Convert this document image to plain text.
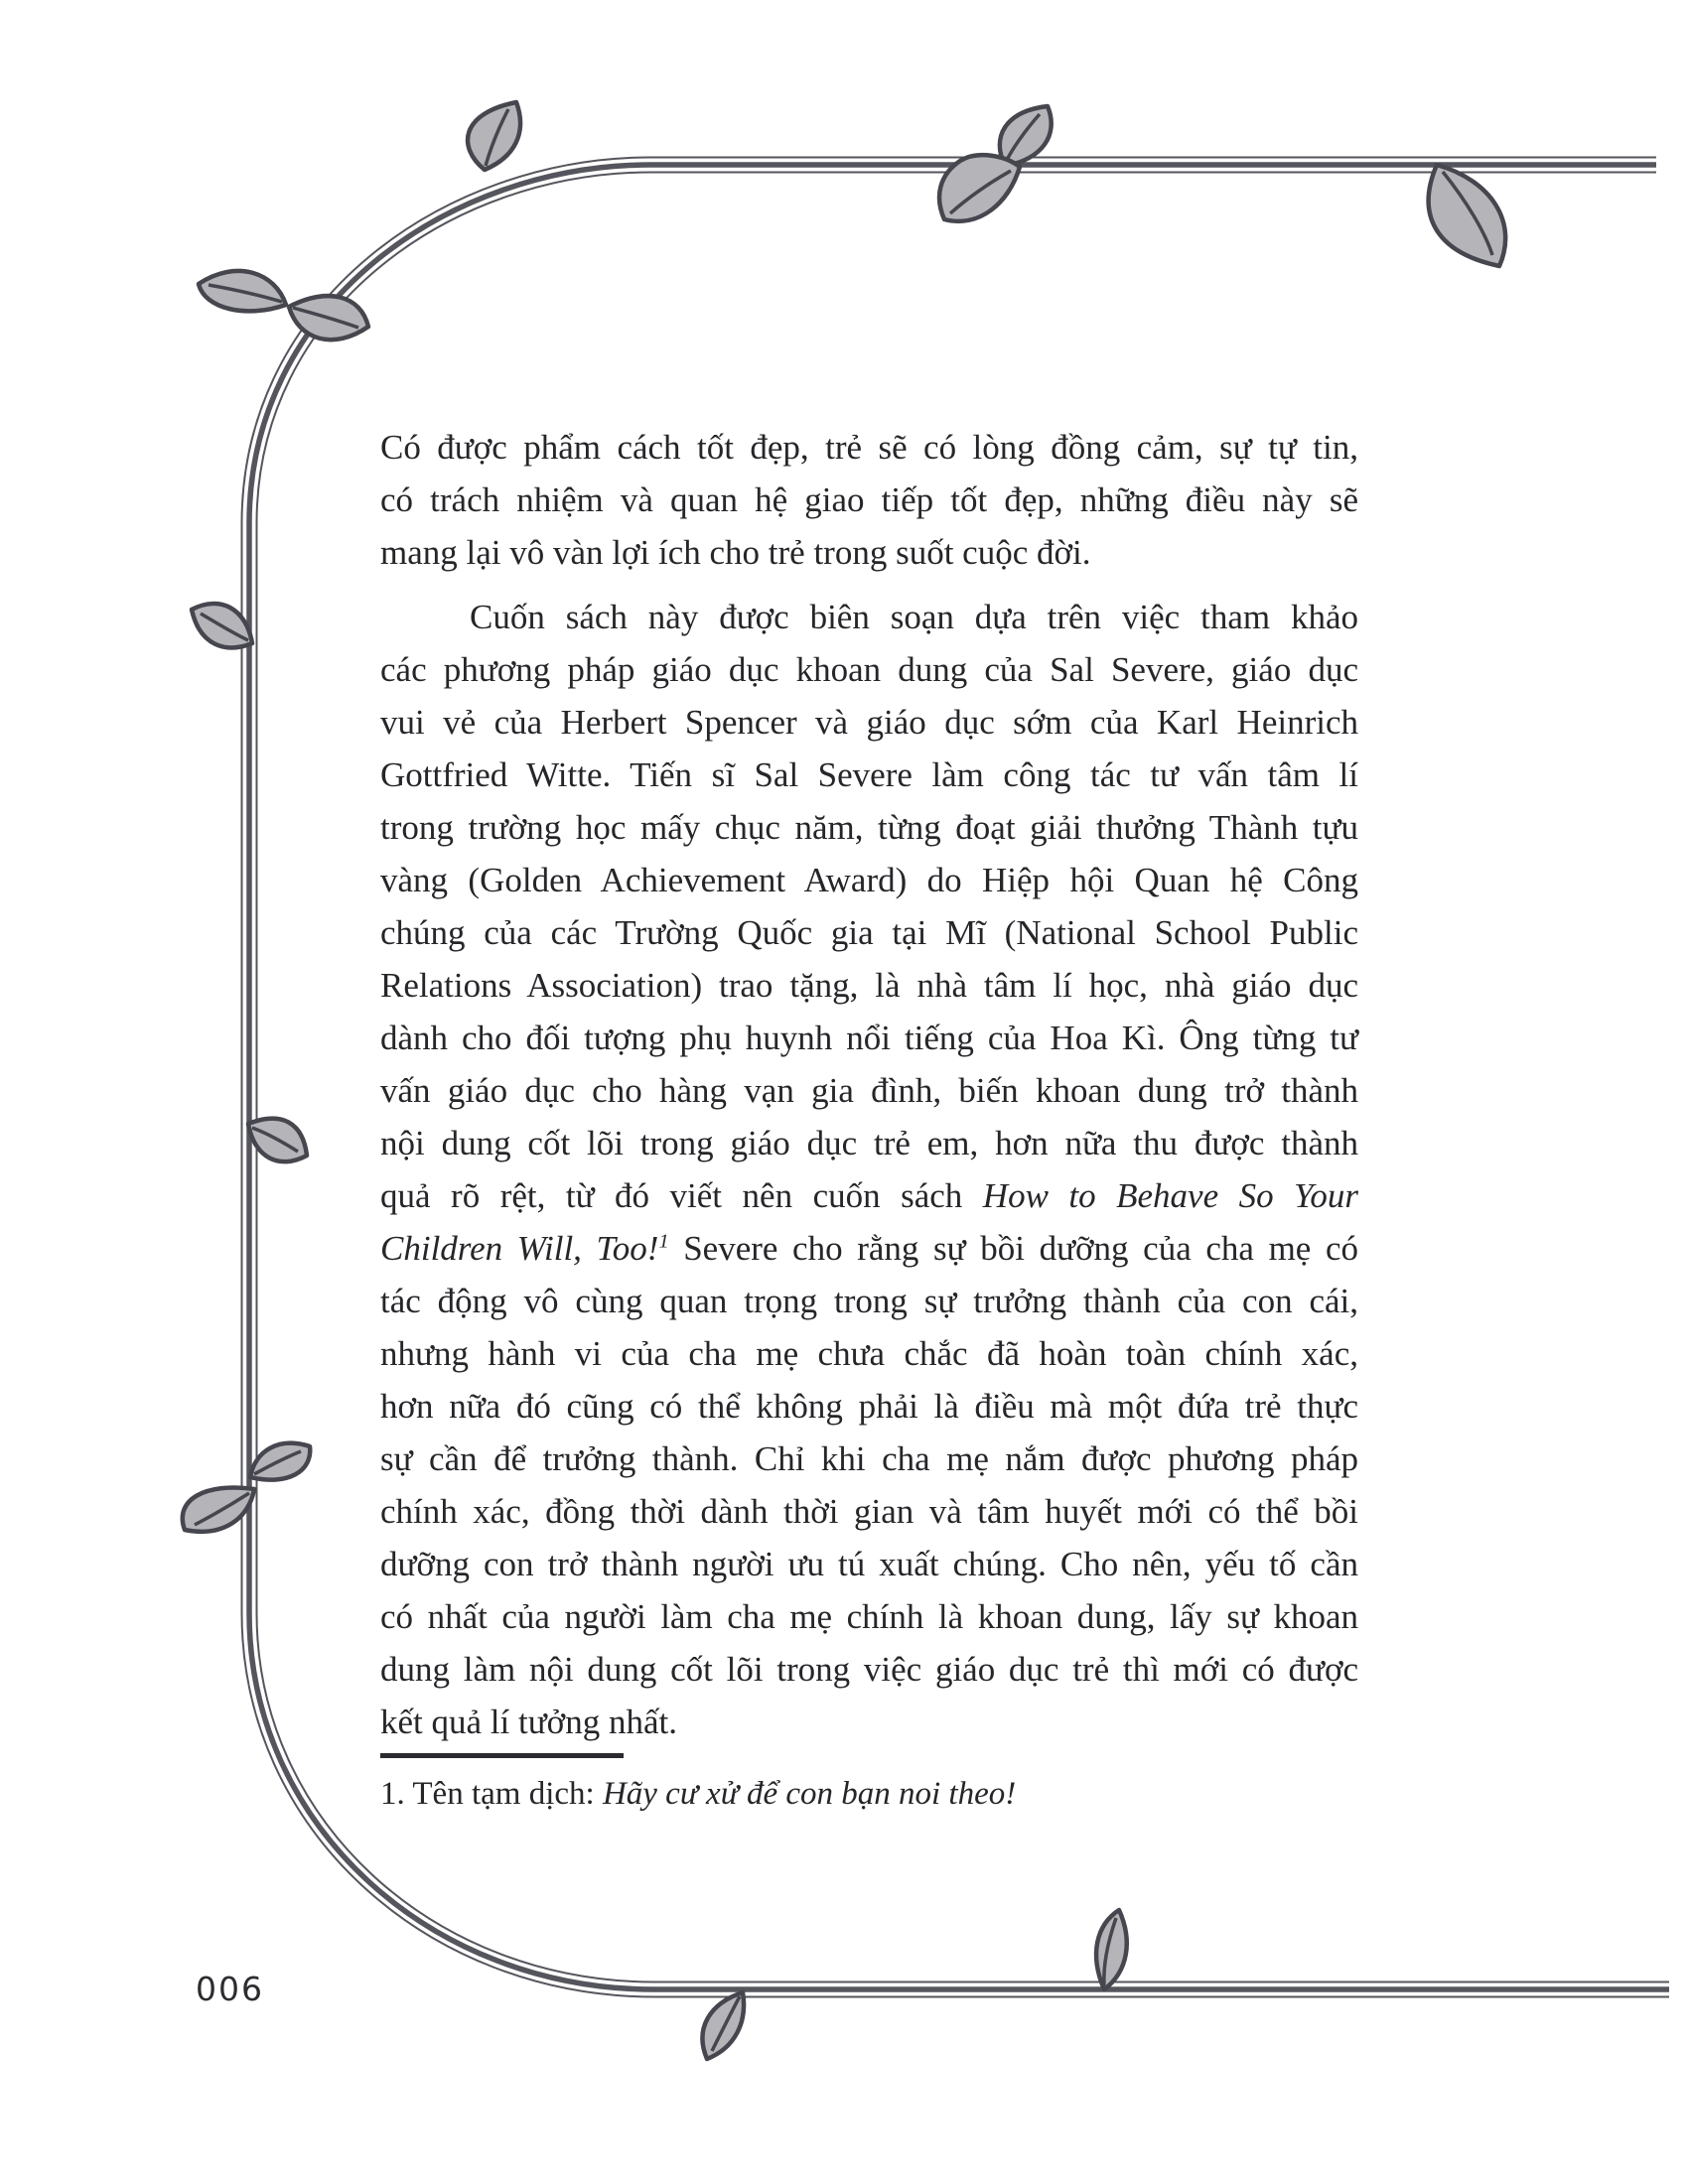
Có được phẩm cách tốt đẹp, trẻ sẽ có lòng đồng cảm, sự tự tin,
có trách nhiệm và quan hệ giao tiếp tốt đẹp, những điều này sẽ
mang lại vô vàn lợi ích cho trẻ trong suốt cuộc đời.
Cuốn sách này được biên soạn dựa trên việc tham khảo
các phương pháp giáo dục khoan dung của Sal Severe, giáo dục
vui vẻ của Herbert Spencer và giáo dục sớm của Karl Heinrich
Gottfried Witte. Tiến sĩ Sal Severe làm công tác tư vấn tâm lí
trong trường học mấy chục năm, từng đoạt giải thưởng Thành tựu
vàng (Golden Achievement Award) do Hiệp hội Quan hệ Công
chúng của các Trường Quốc gia tại Mĩ (National School Public
Relations Association) trao tặng, là nhà tâm lí học, nhà giáo dục
dành cho đối tượng phụ huynh nổi tiếng của Hoa Kì. Ông từng tư
vấn giáo dục cho hàng vạn gia đình, biến khoan dung trở thành
nội dung cốt lõi trong giáo dục trẻ em, hơn nữa thu được thành
quả rõ rệt, từ đó viết nên cuốn sách How to Behave So Your
Children Will, Too!$^1$ Severe cho rằng sự bồi dưỡng của cha mẹ có
tác động vô cùng quan trọng trong sự trưởng thành của con cái,
nhưng hành vi của cha mẹ chưa chắc đã hoàn toàn chính xác,
hơn nữa đó cũng có thể không phải là điều mà một đứa trẻ thực
sự cần để trưởng thành. Chỉ khi cha mẹ nắm được phương pháp
chính xác, đồng thời dành thời gian và tâm huyết mới có thể bồi
dưỡng con trở thành người ưu tú xuất chúng. Cho nên, yếu tố cần
có nhất của người làm cha mẹ chính là khoan dung, lấy sự khoan
dung làm nội dung cốt lõi trong việc giáo dục trẻ thì mới có được
kết quả lí tưởng nhất.
1. Tên tạm dịch: Hãy cư xử để con bạn noi theo!
006
